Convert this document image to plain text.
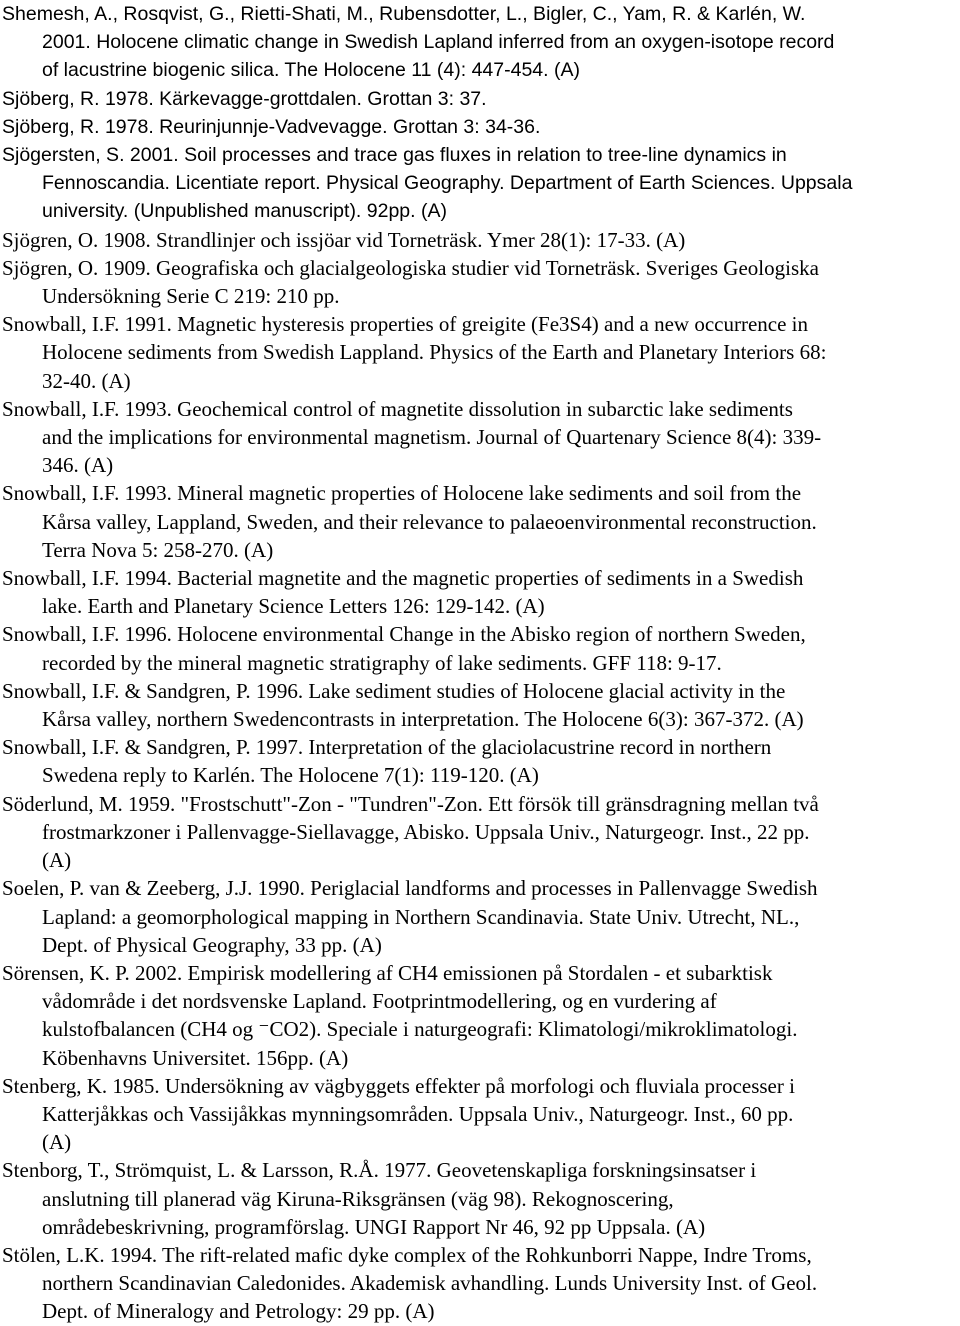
Shemesh, A., Rosqvist, G., Rietti-Shati, M., Rubensdotter, L., Bigler, C., Yam, R. & Karlén, W.
2001. Holocene climatic change in Swedish Lapland inferred from an oxygen-isotope record
of lacustrine biogenic silica. The Holocene 11 (4): 447-454. (A)

Sjöberg, R. 1978. Kärkevagge-grottdalen. Grottan 3: 37.

Sjöberg, R. 1978. Reurinjunnje-Vadvevagge. Grottan 3: 34-36.

Sjögersten, S. 2001. Soil processes and trace gas fluxes in relation to tree-line dynamics in
Fennoscandia. Licentiate report. Physical Geography. Department of Earth Sciences. Uppsala
university. (Unpublished manuscript). 92pp. (A)

Sjögren, O. 1908. Strandlinjer och issjöar vid Torneträsk. Ymer 28(1): 17-33. (A)

Sjögren, O. 1909. Geografiska och glacialgeologiska studier vid Torneträsk. Sveriges Geologiska
Undersökning Serie C 219: 210 pp.

Snowball, I.F. 1991. Magnetic hysteresis properties of greigite (Fe3S4) and a new occurrence in
Holocene sediments from Swedish Lappland. Physics of the Earth and Planetary Interiors 68:
32-40. (A)

Snowball, I.F. 1993. Geochemical control of magnetite dissolution in subarctic lake sediments
and the implications for environmental magnetism. Journal of Quartenary Science 8(4): 339-
346. (A)

Snowball, I.F. 1993. Mineral magnetic properties of Holocene lake sediments and soil from the
Kårsa valley, Lappland, Sweden, and their relevance to palaeoenvironmental reconstruction.
Terra Nova 5: 258-270. (A)

Snowball, I.F. 1994. Bacterial magnetite and the magnetic properties of sediments in a Swedish
lake. Earth and Planetary Science Letters 126: 129-142. (A)

Snowball, I.F. 1996. Holocene environmental Change in the Abisko region of northern Sweden,
recorded by the mineral magnetic stratigraphy of lake sediments. GFF 118: 9-17.

Snowball, I.F. & Sandgren, P. 1996. Lake sediment studies of Holocene glacial activity in the
Kårsa valley, northern Swedencontrasts in interpretation. The Holocene 6(3): 367-372. (A)

Snowball, I.F. & Sandgren, P. 1997. Interpretation of the glaciolacustrine record in northern
Swedena reply to Karlén. The Holocene 7(1): 119-120. (A)

Söderlund, M. 1959. "Frostschutt"-Zon - "Tundren"-Zon. Ett försök till gränsdragning mellan två
frostmarkzoner i Pallenvagge-Siellavagge, Abisko. Uppsala Univ., Naturgeogr. Inst., 22 pp.
(A)

Soelen, P. van & Zeeberg, J.J. 1990. Periglacial landforms and processes in Pallenvagge Swedish
Lapland: a geomorphological mapping in Northern Scandinavia. State Univ. Utrecht, NL.,
Dept. of Physical Geography, 33 pp. (A)

Sörensen, K. P. 2002. Empirisk modellering af CH4 emissionen på Stordalen - et subarktisk
vådområde i det nordsvenske Lapland. Footprintmodellering, og en vurdering af
kulstofbalancen (CH4 og ⁻CO2). Speciale i naturgeografi: Klimatologi/mikroklimatologi.
Köbenhavns Universitet. 156pp. (A)

Stenberg, K. 1985. Undersökning av vägbyggets effekter på morfologi och fluviala processer i
Katterjåkkas och Vassijåkkas mynningsområden. Uppsala Univ., Naturgeogr. Inst., 60 pp.
(A)

Stenborg, T., Strömquist, L. & Larsson, R.Å. 1977. Geovetenskapliga forskningsinsatser i
anslutning till planerad väg Kiruna-Riksgränsen (väg 98). Rekognoscering,
områdebeskrivning, programförslag. UNGI Rapport Nr 46, 92 pp Uppsala. (A)

Stölen, L.K. 1994. The rift-related mafic dyke complex of the Rohkunborri Nappe, Indre Troms,
northern Scandinavian Caledonides. Akademisk avhandling. Lunds University Inst. of Geol.
Dept. of Mineralogy and Petrology: 29 pp. (A)
